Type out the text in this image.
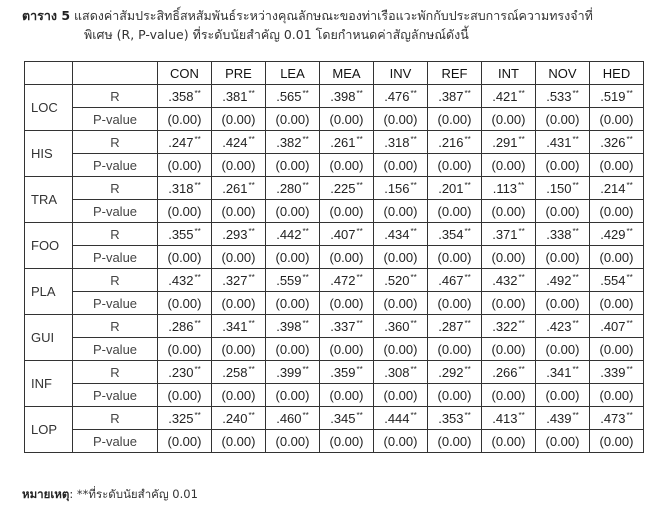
ตาราง 5 แสดงค่าสัมประสิทธิ์สหสัมพันธ์ระหว่างคุณลักษณะของท่าเรือแวะพักกับประสบการณ์ความทรงจำที่
พิเศษ (R, P-value) ที่ระดับนัยสำคัญ 0.01 โดยกำหนดค่าสัญลักษณ์ดังนี้
		CON	PRE	LEA	MEA	INV	REF	INT	NOV	HED
LOC	R	.358**	.381**	.565**	.398**	.476**	.387**	.421**	.533**	.519**
	P-value	(0.00)	(0.00)	(0.00)	(0.00)	(0.00)	(0.00)	(0.00)	(0.00)	(0.00)
HIS	R	.247**	.424**	.382**	.261**	.318**	.216**	.291**	.431**	.326**
	P-value	(0.00)	(0.00)	(0.00)	(0.00)	(0.00)	(0.00)	(0.00)	(0.00)	(0.00)
TRA	R	.318**	.261**	.280**	.225**	.156**	.201**	.113**	.150**	.214**
	P-value	(0.00)	(0.00)	(0.00)	(0.00)	(0.00)	(0.00)	(0.00)	(0.00)	(0.00)
FOO	R	.355**	.293**	.442**	.407**	.434**	.354**	.371**	.338**	.429**
	P-value	(0.00)	(0.00)	(0.00)	(0.00)	(0.00)	(0.00)	(0.00)	(0.00)	(0.00)
PLA	R	.432**	.327**	.559**	.472**	.520**	.467**	.432**	.492**	.554**
	P-value	(0.00)	(0.00)	(0.00)	(0.00)	(0.00)	(0.00)	(0.00)	(0.00)	(0.00)
GUI	R	.286**	.341**	.398**	.337**	.360**	.287**	.322**	.423**	.407**
	P-value	(0.00)	(0.00)	(0.00)	(0.00)	(0.00)	(0.00)	(0.00)	(0.00)	(0.00)
INF	R	.230**	.258**	.399**	.359**	.308**	.292**	.266**	.341**	.339**
	P-value	(0.00)	(0.00)	(0.00)	(0.00)	(0.00)	(0.00)	(0.00)	(0.00)	(0.00)
LOP	R	.325**	.240**	.460**	.345**	.444**	.353**	.413**	.439**	.473**
	P-value	(0.00)	(0.00)	(0.00)	(0.00)	(0.00)	(0.00)	(0.00)	(0.00)	(0.00)
หมายเหตุ: **ที่ระดับนัยสำคัญ 0.01
